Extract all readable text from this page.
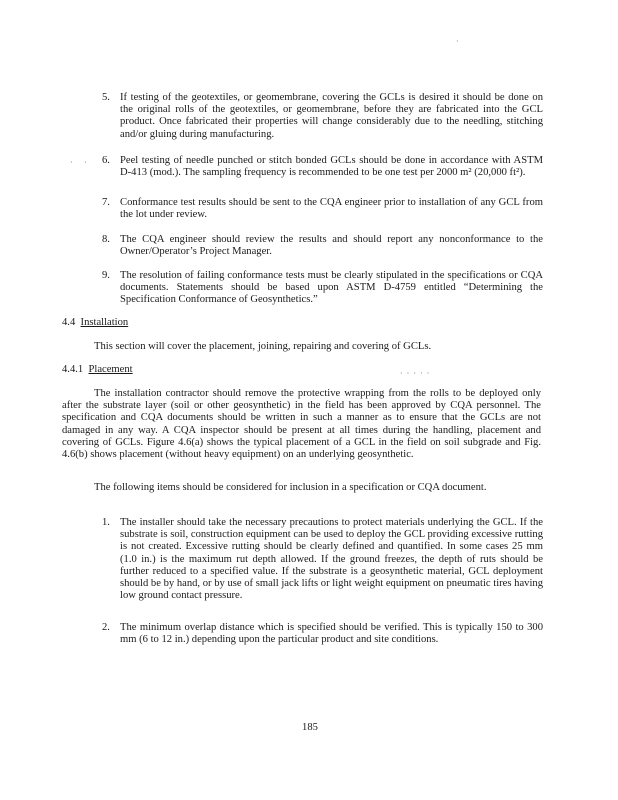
·
· ·
·····
5. If testing of the geotextiles, or geomembrane, covering the GCLs is desired it should be done on the original rolls of the geotextiles, or geomembrane, before they are fabricated into the GCL product. Once fabricated their properties will change considerably due to the needling, stitching and/or gluing during manufacturing.
6. Peel testing of needle punched or stitch bonded GCLs should be done in accordance with ASTM D-413 (mod.). The sampling frequency is recommended to be one test per 2000 m² (20,000 ft²).
7. Conformance test results should be sent to the CQA engineer prior to installation of any GCL from the lot under review.
8. The CQA engineer should review the results and should report any nonconformance to the Owner/Operator’s Project Manager.
9. The resolution of failing conformance tests must be clearly stipulated in the specifications or CQA documents. Statements should be based upon ASTM D-4759 entitled “Determining the Specification Conformance of Geosynthetics.”
4.4 Installation
This section will cover the placement, joining, repairing and covering of GCLs.
4.4.1 Placement
The installation contractor should remove the protective wrapping from the rolls to be deployed only after the substrate layer (soil or other geosynthetic) in the field has been approved by CQA personnel. The specification and CQA documents should be written in such a manner as to ensure that the GCLs are not damaged in any way. A CQA inspector should be present at all times during the handling, placement and covering of GCLs. Figure 4.6(a) shows the typical placement of a GCL in the field on soil subgrade and Fig. 4.6(b) shows placement (without heavy equipment) on an underlying geosynthetic.
The following items should be considered for inclusion in a specification or CQA document.
1. The installer should take the necessary precautions to protect materials underlying the GCL. If the substrate is soil, construction equipment can be used to deploy the GCL providing excessive rutting is not created. Excessive rutting should be clearly defined and quantified. In some cases 25 mm (1.0 in.) is the maximum rut depth allowed. If the ground freezes, the depth of ruts should be further reduced to a specified value. If the substrate is a geosynthetic material, GCL deployment should be by hand, or by use of small jack lifts or light weight equipment on pneumatic tires having low ground contact pressure.
2. The minimum overlap distance which is specified should be verified. This is typically 150 to 300 mm (6 to 12 in.) depending upon the particular product and site conditions.
185
